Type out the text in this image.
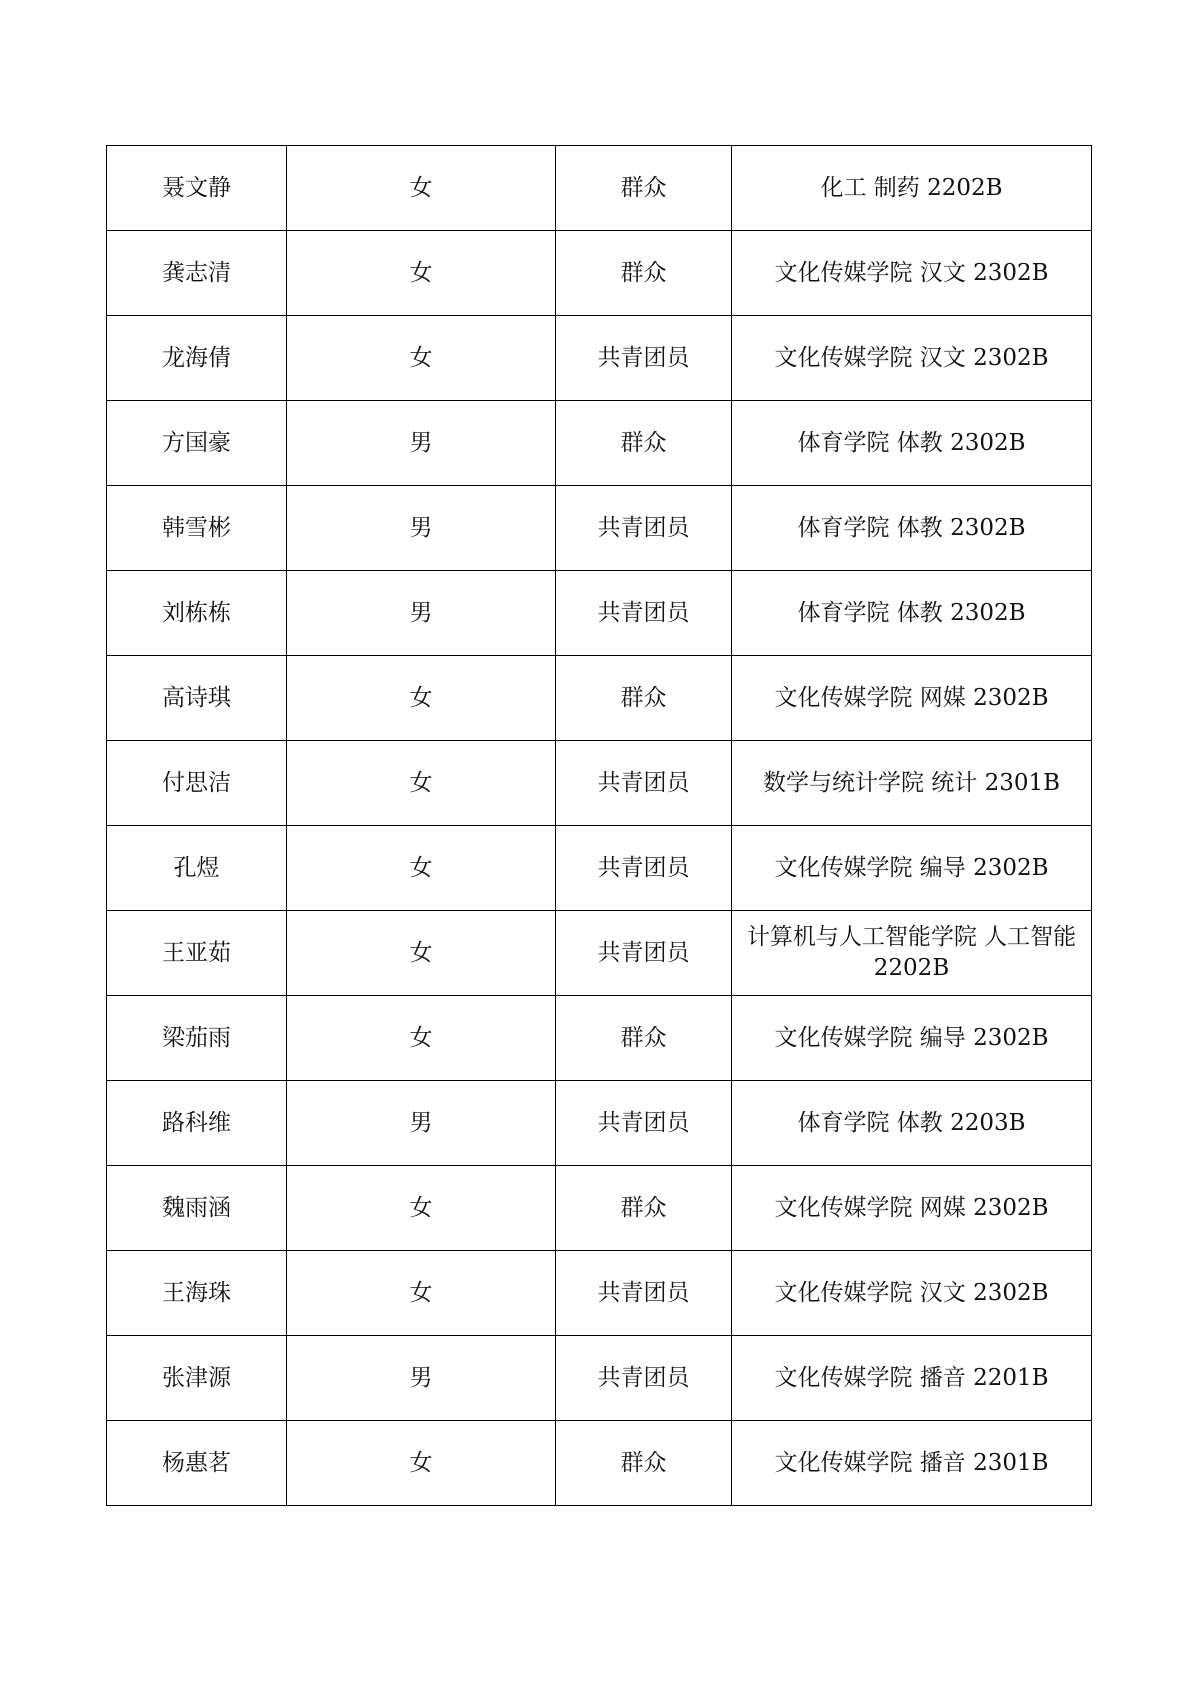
聂文静	女	群众	化工 制药 2202B
龚志清	女	群众	文化传媒学院 汉文 2302B
龙海倩	女	共青团员	文化传媒学院 汉文 2302B
方国豪	男	群众	体育学院 体教 2302B
韩雪彬	男	共青团员	体育学院 体教 2302B
刘栋栋	男	共青团员	体育学院 体教 2302B
高诗琪	女	群众	文化传媒学院 网媒 2302B
付思洁	女	共青团员	数学与统计学院 统计 2301B
孔煜	女	共青团员	文化传媒学院 编导 2302B
王亚茹	女	共青团员	计算机与人工智能学院 人工智能 2202B
梁茄雨	女	群众	文化传媒学院 编导 2302B
路科维	男	共青团员	体育学院 体教 2203B
魏雨涵	女	群众	文化传媒学院 网媒 2302B
王海珠	女	共青团员	文化传媒学院 汉文 2302B
张津源	男	共青团员	文化传媒学院 播音 2201B
杨惠茗	女	群众	文化传媒学院 播音 2301B
